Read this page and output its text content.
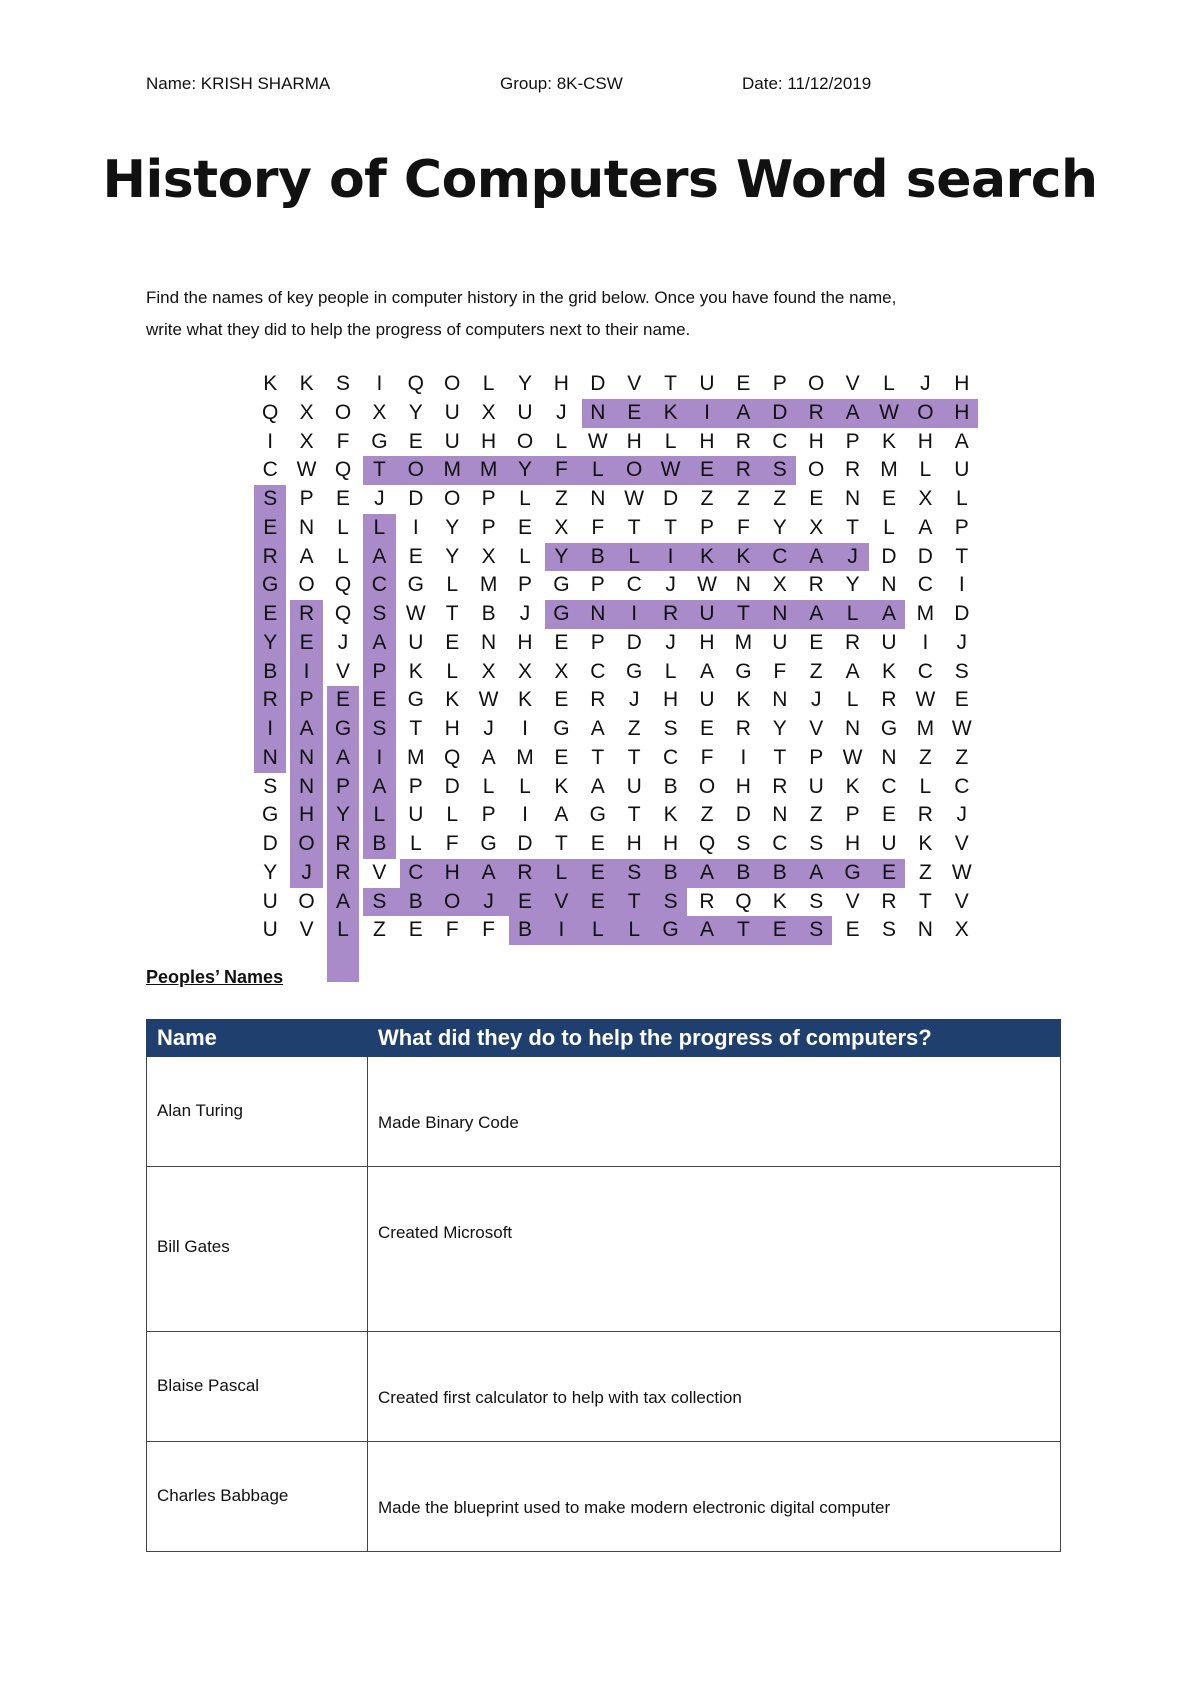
Name: KRISH SHARMA	Group: 8K-CSW	Date: 11/12/2019
History of Computers Word search

Find the names of key people in computer history in the grid below. Once you have found the name,

write what they did to help the progress of computers next to their name.

K	K	S	I	Q O	L	Y	H	D	V	T	U	E	P	O	V	L	J	H
Q	X	O	X	Y	U	X	U	J	N	E	K	I	A	D	R	A W O H
I	X	F	G	E	U	H O	L W H	L	H	R	C	H	P	K	H	A
C W Q	T	O M M Y	F	L	O W E	R	S	O R M	L	U
S	P	E	J	D O	P	L	Z	N W D	Z	Z	Z	E	N	E	X	L
E	N	L	L	I	Y	P	E	X	F	T	T	P	F	Y	X	T	L	A	P
R	A	L	A	E	Y	X	L	Y	B	L	I	K	K	C	A	J	D	D	T
G O Q C G	L	M P	G	P	C	J	W N	X	R	Y	N	C	I
E	R Q	S W T	B	J	G N	I	R	U	T	N	A	L	A M D
Y	E	J	A	U	E	N	H	E	P	D	J	H M U	E	R	U	I	J
B	I	V	P	K	L	X	X	X	C G	L	A	G	F	Z	A	K	C	S
R	P	E	E	G	K W K	E	R	J	H	U	K	N	J	L	R W E
I	A	G	S	T	H	J	I	G	A	Z	S	E	R	Y	V	N G M W
N	N	A	I	M Q	A M E	T	T	C	F	I	T	P W N	Z	Z
S	N	P	A	P	D	L	L	K	A	U	B	O H	R	U	K	C	L	C
G H	Y	L	U	L	P	I	A	G	T	K	Z	D	N	Z	P	E	R	J
D O R	B	L	F	G D	T	E	H	H Q	S	C	S	H	U	K	V
Y	J	R	V	C	H	A	R	L	E	S	B	A	B	B	A	G	E	Z W
U O	A	S	B	O	J	E	V	E	T	S	R Q	K	S	V	R	T	V
U	V	L	Z	E	F	F	B	I	L	L	G	A	T	E	S	E	S	N	X
Peoples’ Names
Name	What did they do to help the progress of computers?

Alan Turing	Made Binary Code

Bill Gates	Created Microsoft

Blaise Pascal	Created first calculator to help with tax collection

Charles Babbage	Made the blueprint used to make modern electronic digital computer
